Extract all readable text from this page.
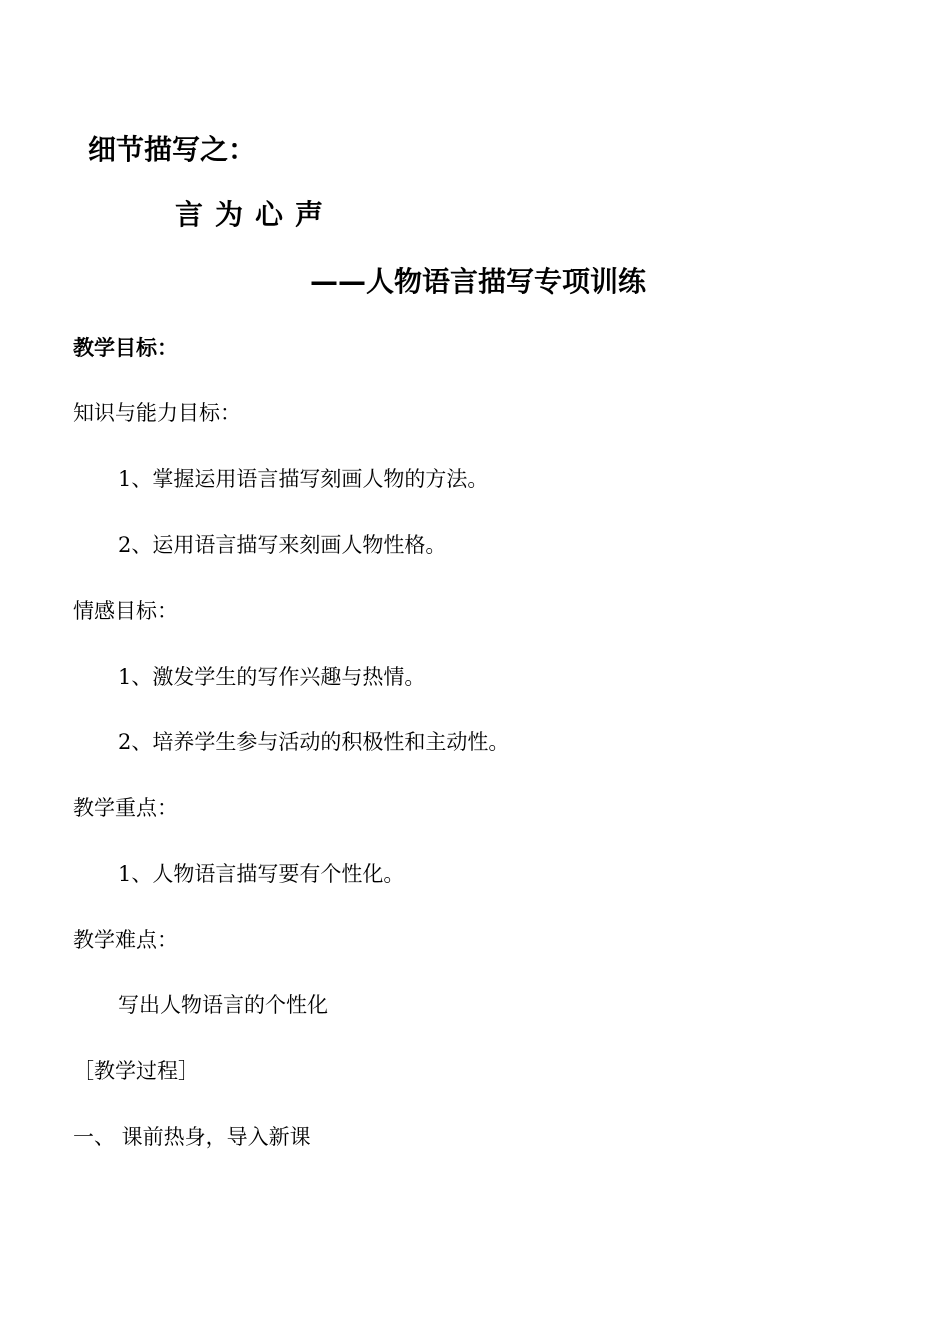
细节描写之：
言为心声
——人物语言描写专项训练
教学目标：
知识与能力目标：
1、掌握运用语言描写刻画人物的方法。
2、运用语言描写来刻画人物性格。
情感目标：
1、激发学生的写作兴趣与热情。
2、培养学生参与活动的积极性和主动性。
教学重点：
1、人物语言描写要有个性化。
教学难点：
写出人物语言的个性化
［教学过程］
一、 课前热身，导入新课
